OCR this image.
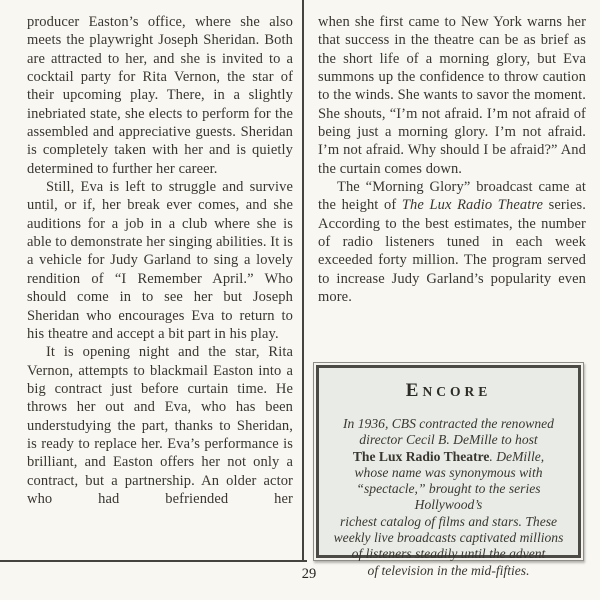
producer Easton’s office, where she also meets the playwright Joseph Sheridan. Both are attracted to her, and she is invited to a cocktail party for Rita Vernon, the star of their upcoming play. There, in a slightly inebriated state, she elects to perform for the assembled and appreciative guests. Sheridan is completely taken with her and is quietly determined to further her career.

Still, Eva is left to struggle and survive until, or if, her break ever comes, and she auditions for a job in a club where she is able to demonstrate her singing abilities. It is a vehicle for Judy Garland to sing a lovely rendition of “I Remember April.” Who should come in to see her but Joseph Sheridan who encourages Eva to return to his theatre and accept a bit part in his play.

It is opening night and the star, Rita Vernon, attempts to blackmail Easton into a big contract just before curtain time. He throws her out and Eva, who has been understudying the part, thanks to Sheridan, is ready to replace her. Eva’s performance is brilliant, and Easton offers her not only a contract, but a partnership. An older actor who had befriended her

when she first came to New York warns her that success in the theatre can be as brief as the short life of a morning glory, but Eva summons up the confidence to throw caution to the winds. She wants to savor the moment. She shouts, “I’m not afraid. I’m not afraid of being just a morning glory. I’m not afraid. I’m not afraid. Why should I be afraid?” And the curtain comes down.

The “Morning Glory” broadcast came at the height of The Lux Radio Theatre series. According to the best estimates, the number of radio listeners tuned in each week exceeded forty million. The program served to increase Judy Garland’s popularity even more.

ENCORE
In 1936, CBS contracted the renowned
director Cecil B. DeMille to host
The Lux Radio Theatre. DeMille,
whose name was synonymous with
“spectacle,” brought to the series Hollywood’s
richest catalog of films and stars. These
weekly live broadcasts captivated millions
of listeners steadily until the advent
of television in the mid-fifties.
29
